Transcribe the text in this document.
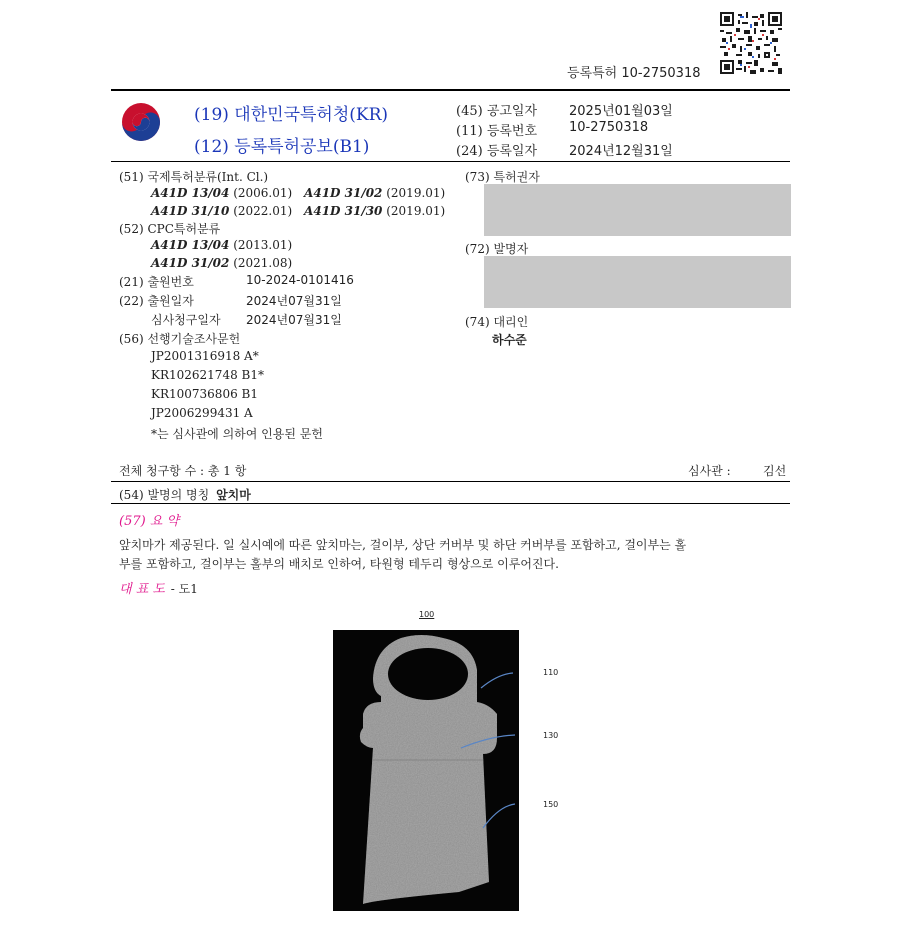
등록특허 10-2750318
(19) 대한민국특허청(KR)
(12) 등록특허공보(B1)
(45) 공고일자 2025년01월03일
(11) 등록번호 10-2750318
(24) 등록일자 2024년12월31일
(51) 국제특허분류(Int. Cl.)
A41D 13/04 (2006.01) A41D 31/02 (2019.01)
A41D 31/10 (2022.01) A41D 31/30 (2019.01)
(52) CPC특허분류
A41D 13/04 (2013.01)
A41D 31/02 (2021.08)
(21) 출원번호	10-2024-0101416
(22) 출원일자	2024년07월31일
심사청구일자 2024년07월31일
(56) 선행기술조사문헌
JP2001316918 A*
KR102621748 B1*
KR100736806 B1
JP2006299431 A
*는 심사관에 의하여 인용된 문헌
(73) 특허권자
(72) 발명자
(74) 대리인
하수준
전체 청구항 수 : 총 1 항	심사관 :	김선
(54) 발명의 명칭 앞치마
(57) 요 약
앞치마가 제공된다. 일 실시예에 따른 앞치마는, 걸이부, 상단 커버부 및 하단 커버부를 포함하고, 걸이부는 홀
부를 포함하고, 걸이부는 홀부의 배치로 인하여, 타원형 테두리 형상으로 이루어진다.
대 표 도 - 도1
100
110
130
150
